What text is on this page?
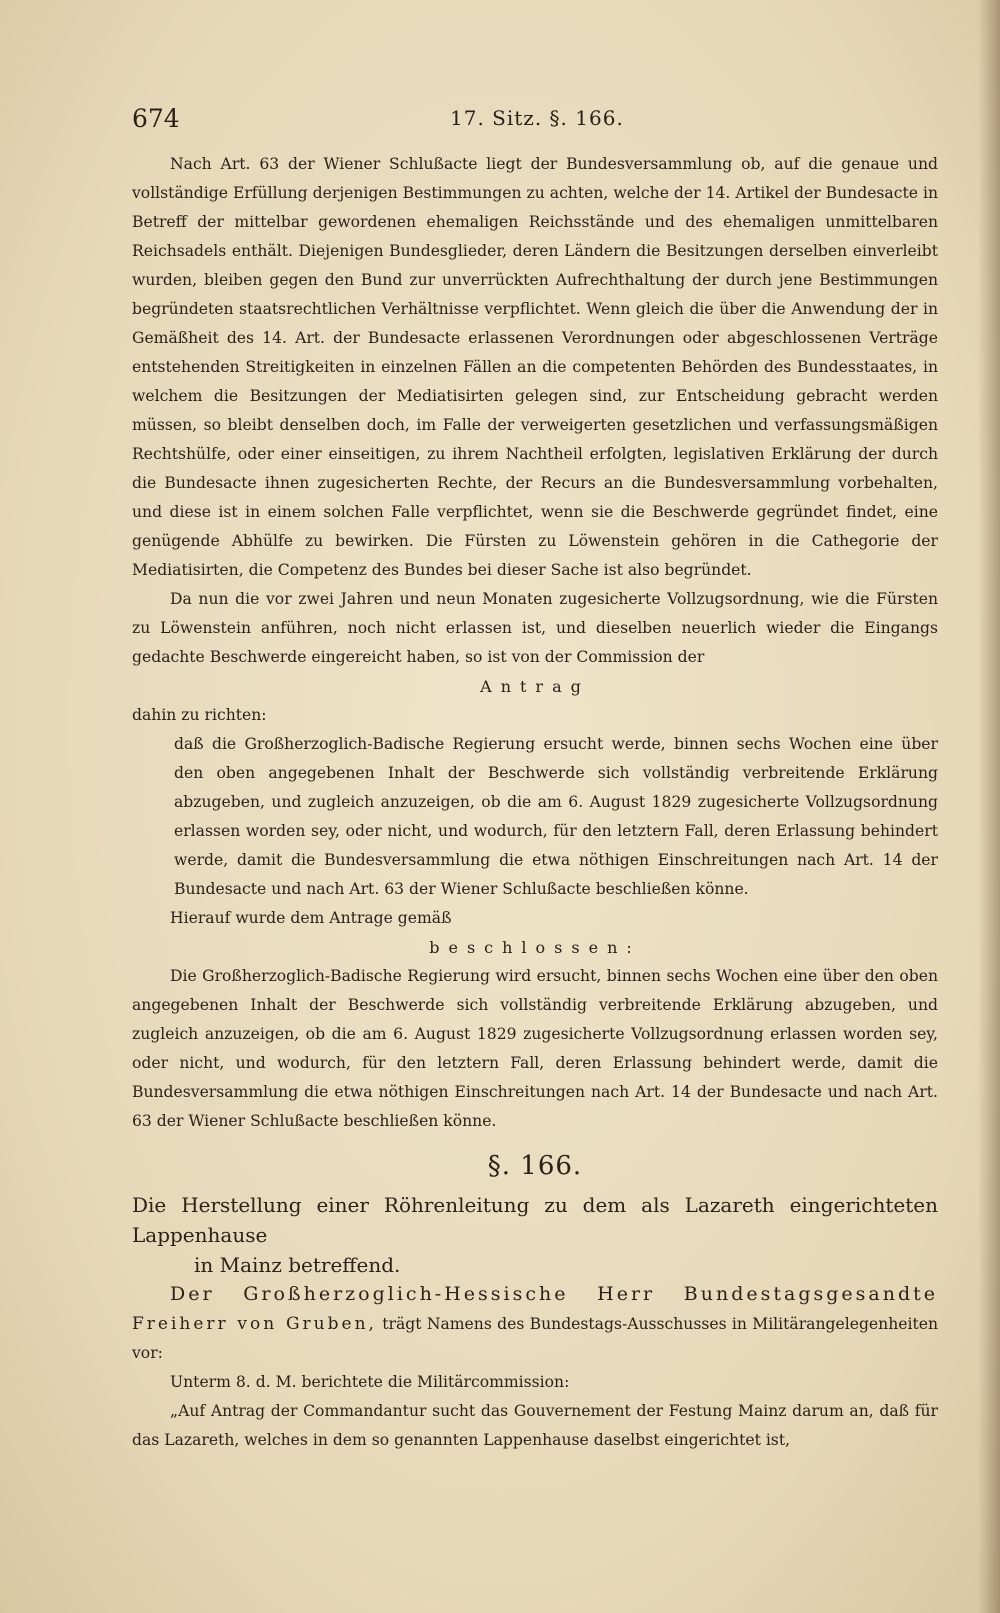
674	17. Sitz. §. 166.

Nach Art. 63 der Wiener Schlußacte liegt der Bundesversammlung ob, auf die genaue und vollständige Erfüllung derjenigen Bestimmungen zu achten, welche der 14. Artikel der Bundesacte in Betreff der mittelbar gewordenen ehemaligen Reichsstände und des ehemaligen unmittelbaren Reichsadels enthält. Diejenigen Bundesglieder, deren Ländern die Besitzungen derselben einverleibt wurden, bleiben gegen den Bund zur unverrückten Aufrechthaltung der durch jene Bestimmungen begründeten staatsrechtlichen Verhältnisse verpflichtet. Wenn gleich die über die Anwendung der in Gemäßheit des 14. Art. der Bundesacte erlassenen Verordnungen oder abgeschlossenen Verträge entstehenden Streitigkeiten in einzelnen Fällen an die competenten Behörden des Bundesstaates, in welchem die Besitzungen der Mediatisirten gelegen sind, zur Entscheidung gebracht werden müssen, so bleibt denselben doch, im Falle der verweigerten gesetzlichen und verfassungsmäßigen Rechtshülfe, oder einer einseitigen, zu ihrem Nachtheil erfolgten, legislativen Erklärung der durch die Bundesacte ihnen zugesicherten Rechte, der Recurs an die Bundesversammlung vorbehalten, und diese ist in einem solchen Falle verpflichtet, wenn sie die Beschwerde gegründet findet, eine genügende Abhülfe zu bewirken. Die Fürsten zu Löwenstein gehören in die Cathegorie der Mediatisirten, die Competenz des Bundes bei dieser Sache ist also begründet.

Da nun die vor zwei Jahren und neun Monaten zugesicherte Vollzugsordnung, wie die Fürsten zu Löwenstein anführen, noch nicht erlassen ist, und dieselben neuerlich wieder die Eingangs gedachte Beschwerde eingereicht haben, so ist von der Commission der

Antrag

dahin zu richten:

daß die Großherzoglich-Badische Regierung ersucht werde, binnen sechs Wochen eine über den oben angegebenen Inhalt der Beschwerde sich vollständig verbreitende Erklärung abzugeben, und zugleich anzuzeigen, ob die am 6. August 1829 zugesicherte Vollzugsordnung erlassen worden sey, oder nicht, und wodurch, für den letztern Fall, deren Erlassung behindert werde, damit die Bundesversammlung die etwa nöthigen Einschreitungen nach Art. 14 der Bundesacte und nach Art. 63 der Wiener Schlußacte beschließen könne.

Hierauf wurde dem Antrage gemäß

beschlossen:

Die Großherzoglich-Badische Regierung wird ersucht, binnen sechs Wochen eine über den oben angegebenen Inhalt der Beschwerde sich vollständig verbreitende Erklärung abzugeben, und zugleich anzuzeigen, ob die am 6. August 1829 zugesicherte Vollzugsordnung erlassen worden sey, oder nicht, und wodurch, für den letztern Fall, deren Erlassung behindert werde, damit die Bundesversammlung die etwa nöthigen Einschreitungen nach Art. 14 der Bundesacte und nach Art. 63 der Wiener Schlußacte beschließen könne.

§. 166.
Die Herstellung einer Röhrenleitung zu dem als Lazareth eingerichteten Lappenhause
in Mainz betreffend.

Der Großherzoglich-Hessische Herr Bundestagsgesandte Freiherr von Gruben, trägt Namens des Bundestags-Ausschusses in Militärangelegenheiten vor:

Unterm 8. d. M. berichtete die Militärcommission:

„Auf Antrag der Commandantur sucht das Gouvernement der Festung Mainz darum an, daß für das Lazareth, welches in dem so genannten Lappenhause daselbst eingerichtet ist,
